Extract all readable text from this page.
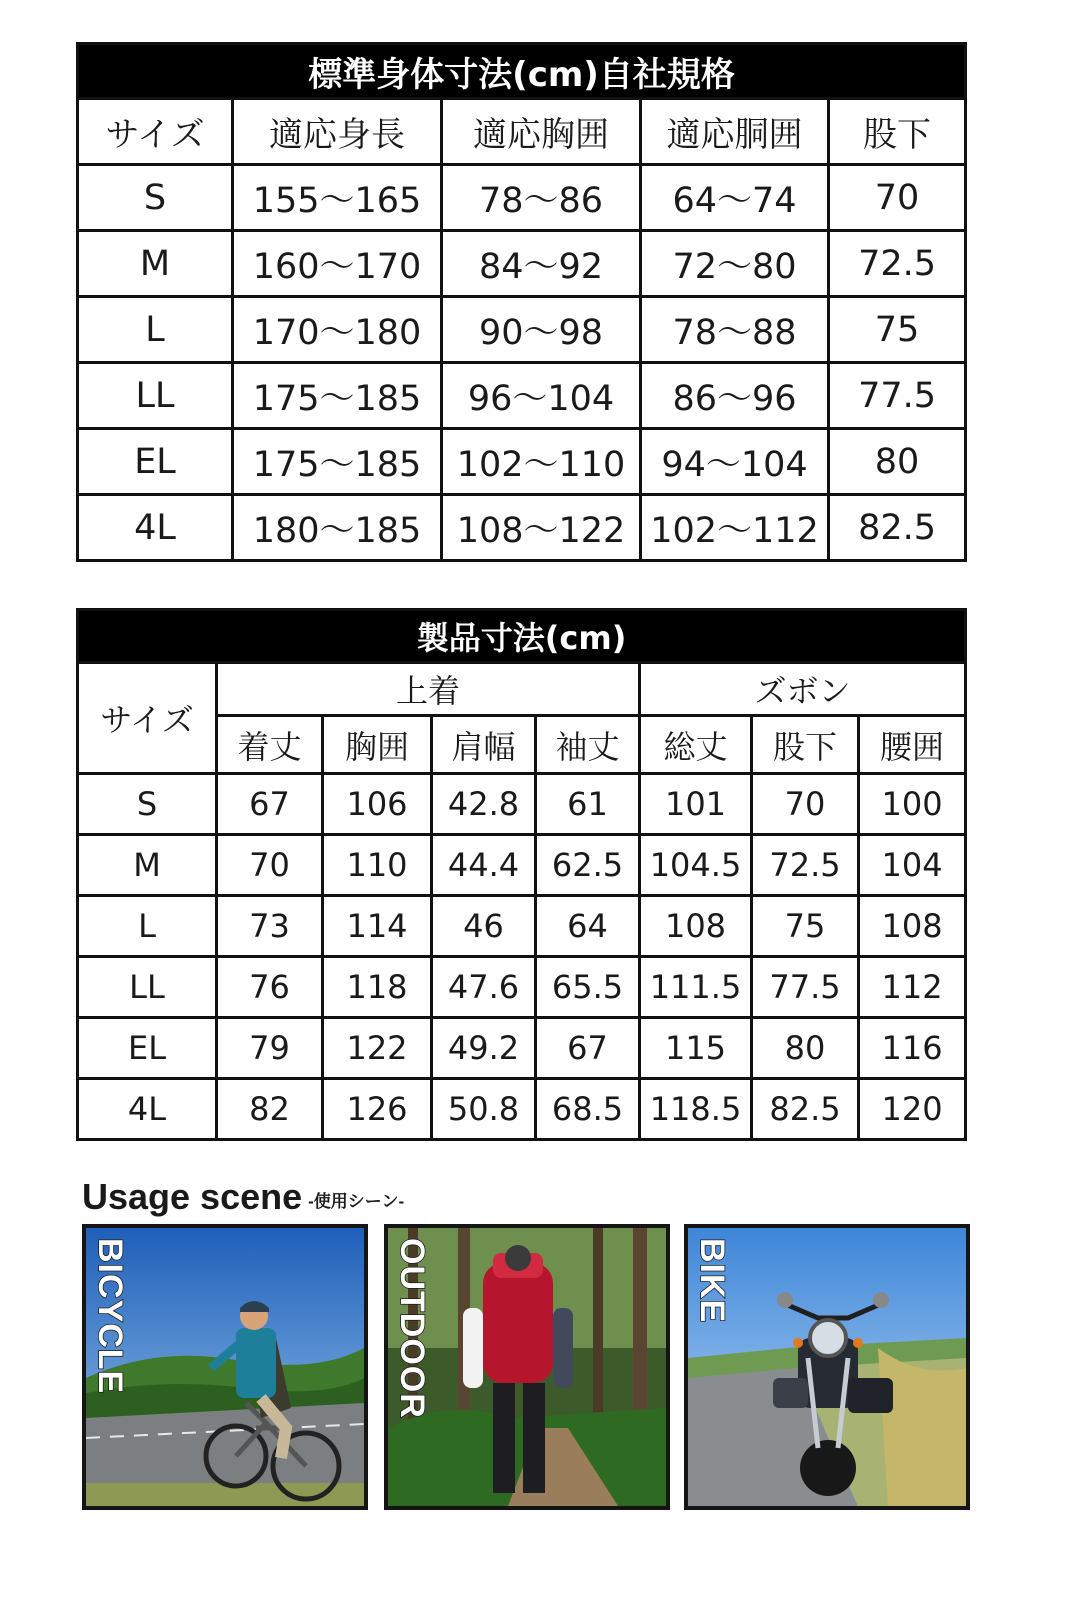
標準身体寸法(cm)自社規格				
サイズ	適応身長	適応胸囲	適応胴囲	股下
S	155～165	78～86	64～74	70
M	160～170	84～92	72～80	72.5
L	170～180	90～98	78～88	75
LL	175～185	96～104	86～96	77.5
EL	175～185	102～110	94～104	80
4L	180～185	108～122	102～112	82.5
製品寸法(cm)							
サイズ	上着				ズボン		
	着丈	胸囲	肩幅	袖丈	総丈	股下	腰囲
S	67	106	42.8	61	101	70	100
M	70	110	44.4	62.5	104.5	72.5	104
L	73	114	46	64	108	75	108
LL	76	118	47.6	65.5	111.5	77.5	112
EL	79	122	49.2	67	115	80	116
4L	82	126	50.8	68.5	118.5	82.5	120
Usage scene -使用シーン-
BICYCLE	OUTDOOR	BIKE
